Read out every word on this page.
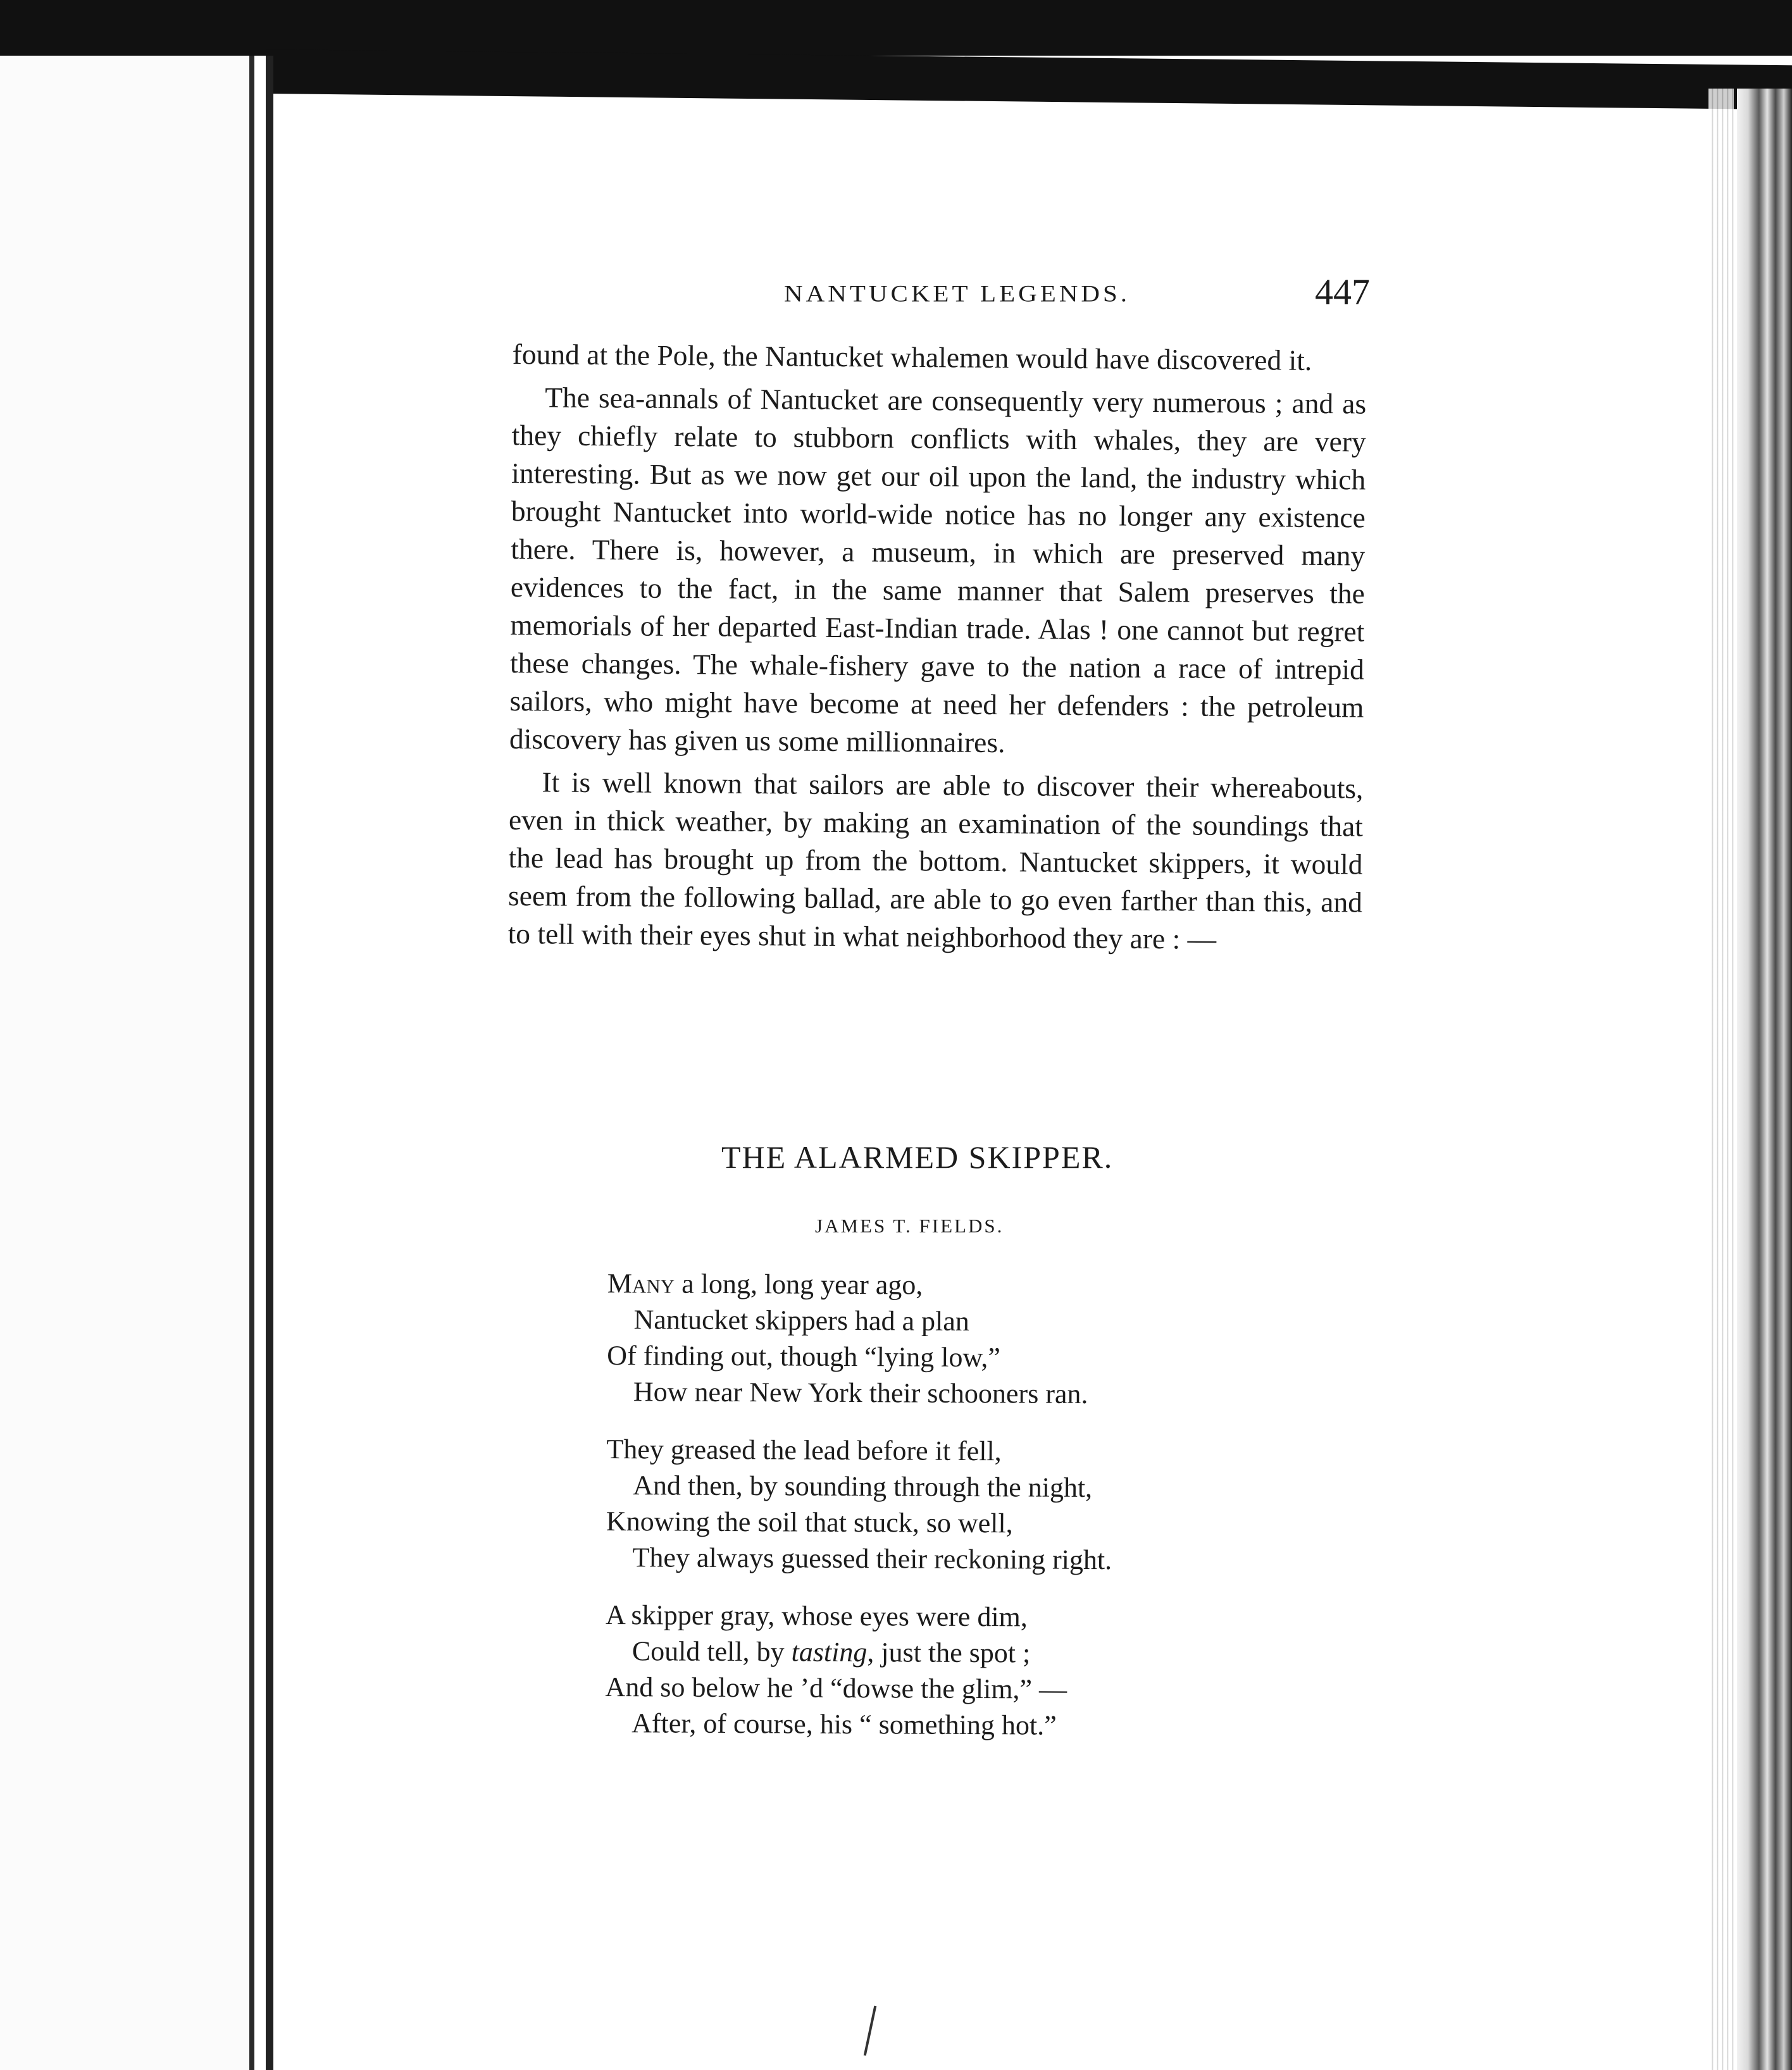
NANTUCKET LEGENDS.	447

found at the Pole, the Nantucket whalemen would have discovered it.

The sea-annals of Nantucket are consequently very numerous ; and as they chiefly relate to stubborn conflicts with whales, they are very interesting. But as we now get our oil upon the land, the industry which brought Nantucket into world-wide notice has no longer any existence there. There is, however, a museum, in which are preserved many evidences to the fact, in the same manner that Salem preserves the memorials of her departed East-Indian trade. Alas ! one cannot but regret these changes. The whale-fishery gave to the nation a race of intrepid sailors, who might have become at need her defenders : the petroleum discovery has given us some millionnaires.

It is well known that sailors are able to discover their whereabouts, even in thick weather, by making an examination of the soundings that the lead has brought up from the bottom. Nantucket skippers, it would seem from the following ballad, are able to go even farther than this, and to tell with their eyes shut in what neighborhood they are : —

THE ALARMED SKIPPER.
JAMES T. FIELDS.
Many a long, long year ago,
Nantucket skippers had a plan
Of finding out, though “lying low,”
How near New York their schooners ran.
They greased the lead before it fell,
And then, by sounding through the night,
Knowing the soil that stuck, so well,
They always guessed their reckoning right.
A skipper gray, whose eyes were dim,
Could tell, by tasting, just the spot ;
And so below he ’d “dowse the glim,” —
After, of course, his “ something hot.”
